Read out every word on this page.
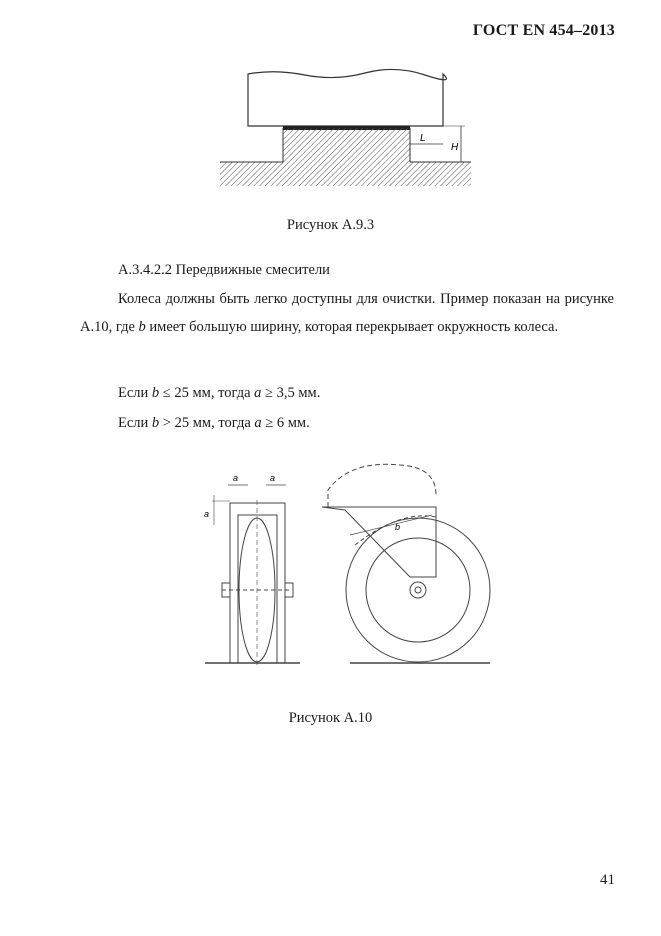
ГОСТ EN 454–2013
L
H
Рисунок А.9.3
А.3.4.2.2 Передвижные смесители
Колеса должны быть легко доступны для очистки. Пример показан на рисунке А.10, где b имеет большую ширину, которая перекрывает окружность колеса.
Если b ≤ 25 мм, тогда a ≥ 3,5 мм.
Если b > 25 мм, тогда a ≥ 6 мм.
a	a
a
b
Рисунок А.10
41
